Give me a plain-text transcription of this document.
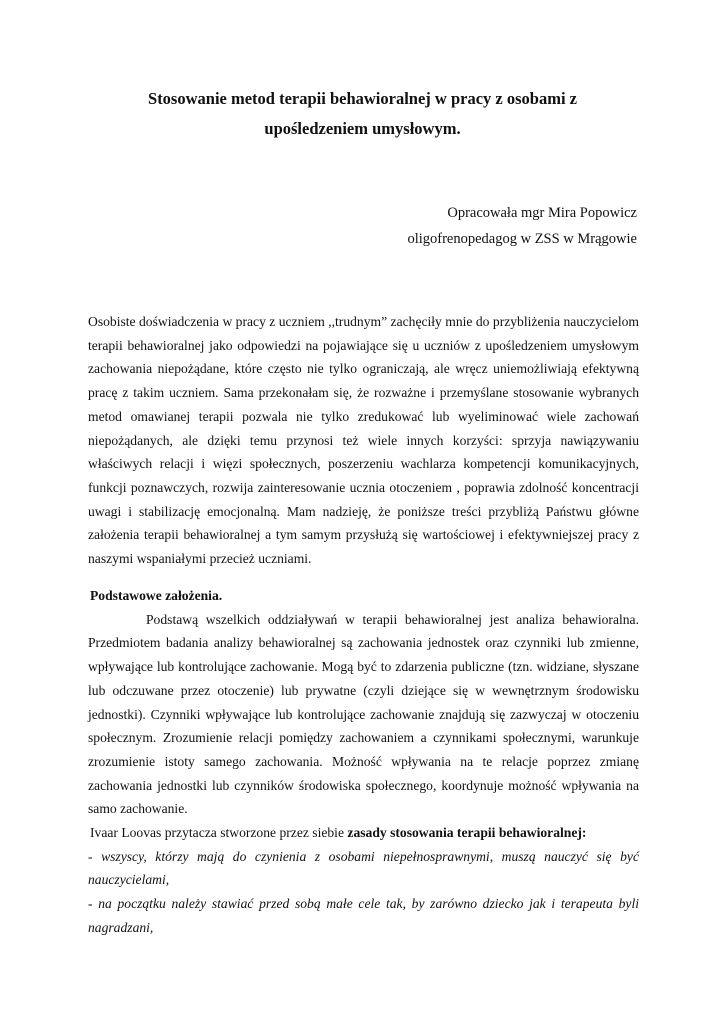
Stosowanie metod terapii behawioralnej w pracy z osobami z upośledzeniem umysłowym.
Opracowała mgr Mira Popowicz
oligofrenopedagog w ZSS w Mrągowie

Osobiste doświadczenia w pracy z uczniem ,,trudnym” zachęciły mnie do przybliżenia nauczycielom terapii behawioralnej jako odpowiedzi na pojawiające się u uczniów z upośledzeniem umysłowym zachowania niepożądane, które często nie tylko ograniczają, ale wręcz uniemożliwiają efektywną pracę z takim uczniem. Sama przekonałam się, że rozważne i przemyślane stosowanie wybranych metod omawianej terapii pozwala nie tylko zredukować lub wyeliminować wiele zachowań niepożądanych, ale dzięki temu przynosi też wiele innych korzyści: sprzyja nawiązywaniu właściwych relacji i więzi społecznych, poszerzeniu wachlarza kompetencji komunikacyjnych, funkcji poznawczych, rozwija zainteresowanie ucznia otoczeniem , poprawia zdolność koncentracji uwagi i stabilizację emocjonalną. Mam nadzieję, że poniższe treści przybliżą Państwu główne założenia terapii behawioralnej a tym samym przysłużą się wartościowej i efektywniejszej pracy z naszymi wspaniałymi przecież uczniami.

Podstawowe założenia.

Podstawą wszelkich oddziaływań w terapii behawioralnej jest analiza behawioralna. Przedmiotem badania analizy behawioralnej są zachowania jednostek oraz czynniki lub zmienne, wpływające lub kontrolujące zachowanie. Mogą być to zdarzenia publiczne (tzn. widziane, słyszane lub odczuwane przez otoczenie) lub prywatne (czyli dziejące się w wewnętrznym środowisku jednostki). Czynniki wpływające lub kontrolujące zachowanie znajdują się zazwyczaj w otoczeniu społecznym. Zrozumienie relacji pomiędzy zachowaniem a czynnikami społecznymi, warunkuje zrozumienie istoty samego zachowania. Możność wpływania na te relacje poprzez zmianę zachowania jednostki lub czynników środowiska społecznego, koordynuje możność wpływania na samo zachowanie.

Ivaar Loovas przytacza stworzone przez siebie zasady stosowania terapii behawioralnej:

- wszyscy, którzy mają do czynienia z osobami niepełnosprawnymi, muszą nauczyć się być nauczycielami,

- na początku należy stawiać przed sobą małe cele tak, by zarówno dziecko jak i terapeuta byli nagradzani,
